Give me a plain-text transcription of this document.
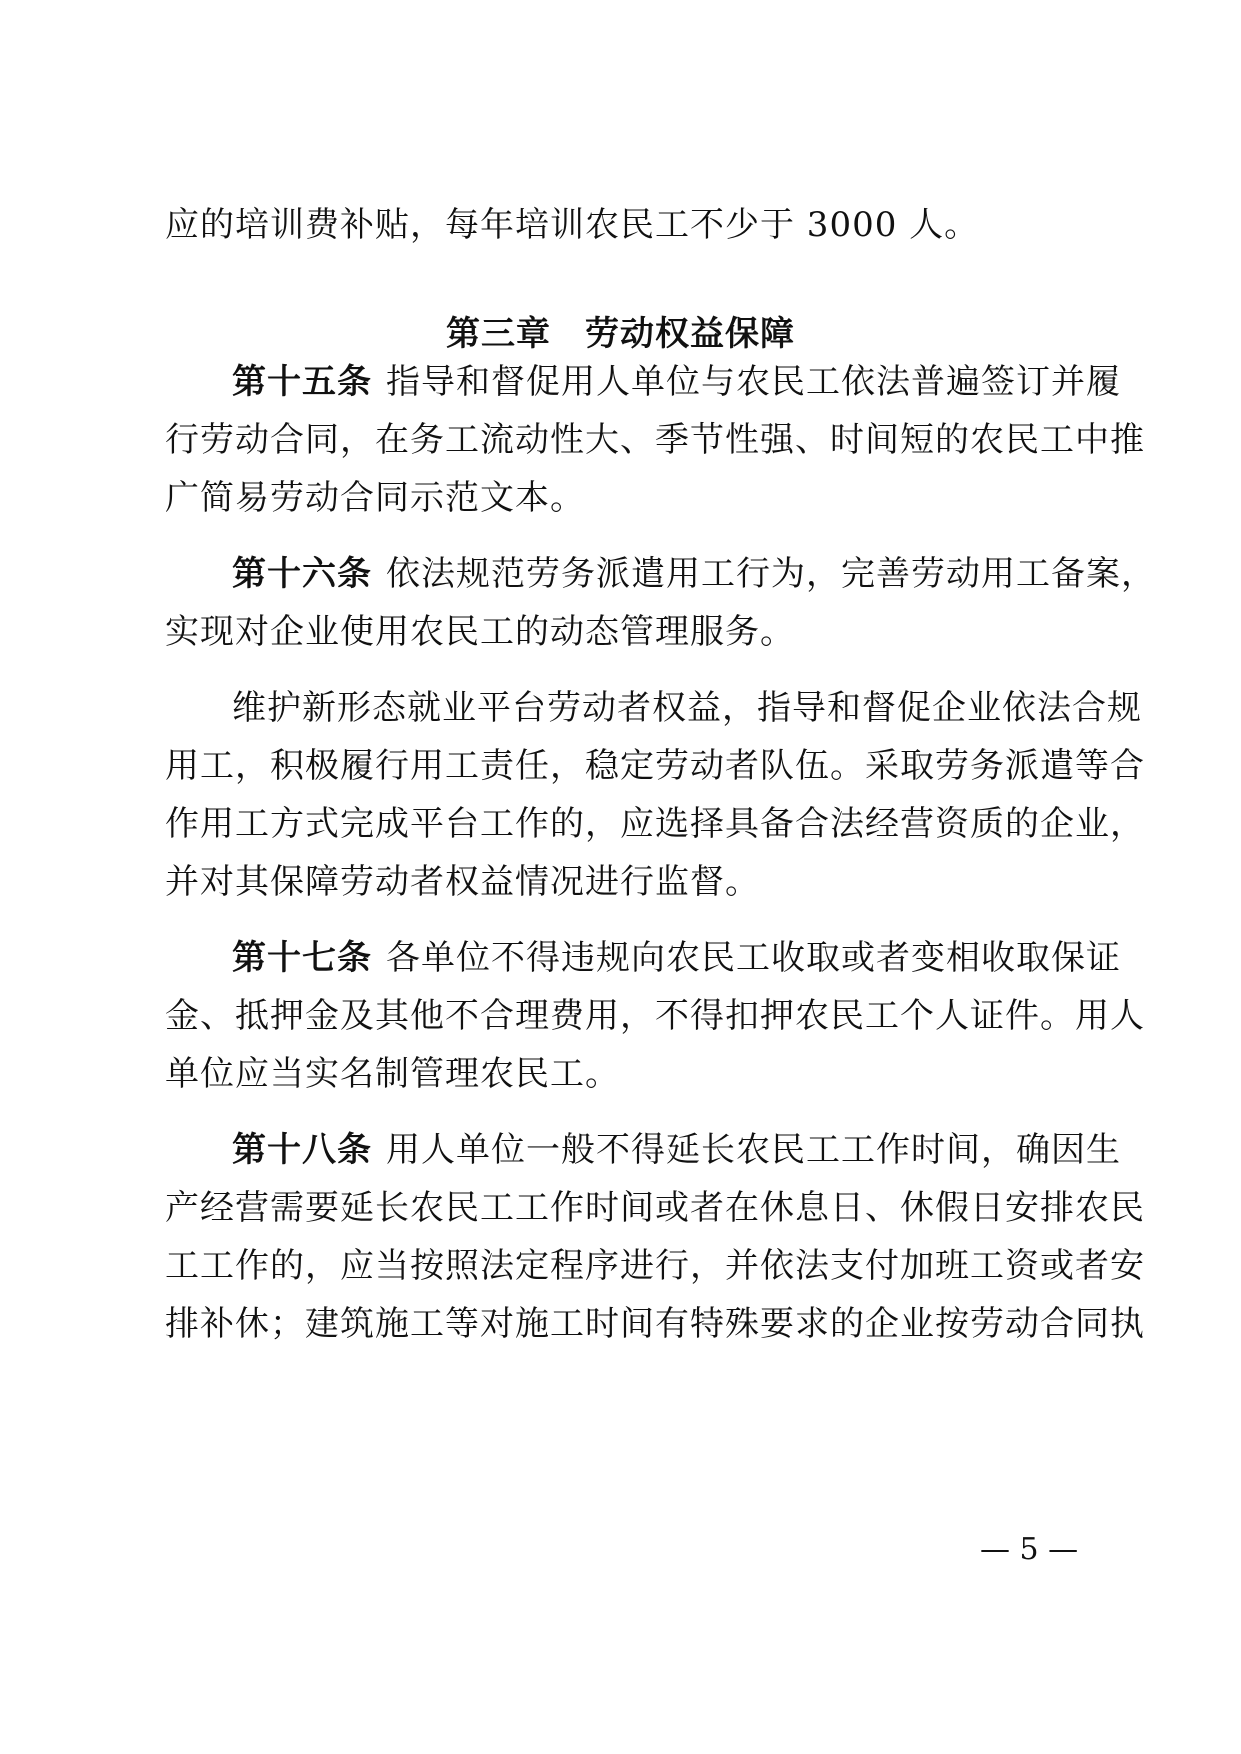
应的培训费补贴，每年培训农民工不少于 3000 人。
第三章 劳动权益保障
第十五条 指导和督促用人单位与农民工依法普遍签订并履
行劳动合同，在务工流动性大、季节性强、时间短的农民工中推
广简易劳动合同示范文本。
第十六条 依法规范劳务派遣用工行为，完善劳动用工备案，
实现对企业使用农民工的动态管理服务。
维护新形态就业平台劳动者权益，指导和督促企业依法合规
用工，积极履行用工责任，稳定劳动者队伍。采取劳务派遣等合
作用工方式完成平台工作的，应选择具备合法经营资质的企业，
并对其保障劳动者权益情况进行监督。
第十七条 各单位不得违规向农民工收取或者变相收取保证
金、抵押金及其他不合理费用，不得扣押农民工个人证件。用人
单位应当实名制管理农民工。
第十八条 用人单位一般不得延长农民工工作时间，确因生
产经营需要延长农民工工作时间或者在休息日、休假日安排农民
工工作的，应当按照法定程序进行，并依法支付加班工资或者安
排补休；建筑施工等对施工时间有特殊要求的企业按劳动合同执
— 5 —
